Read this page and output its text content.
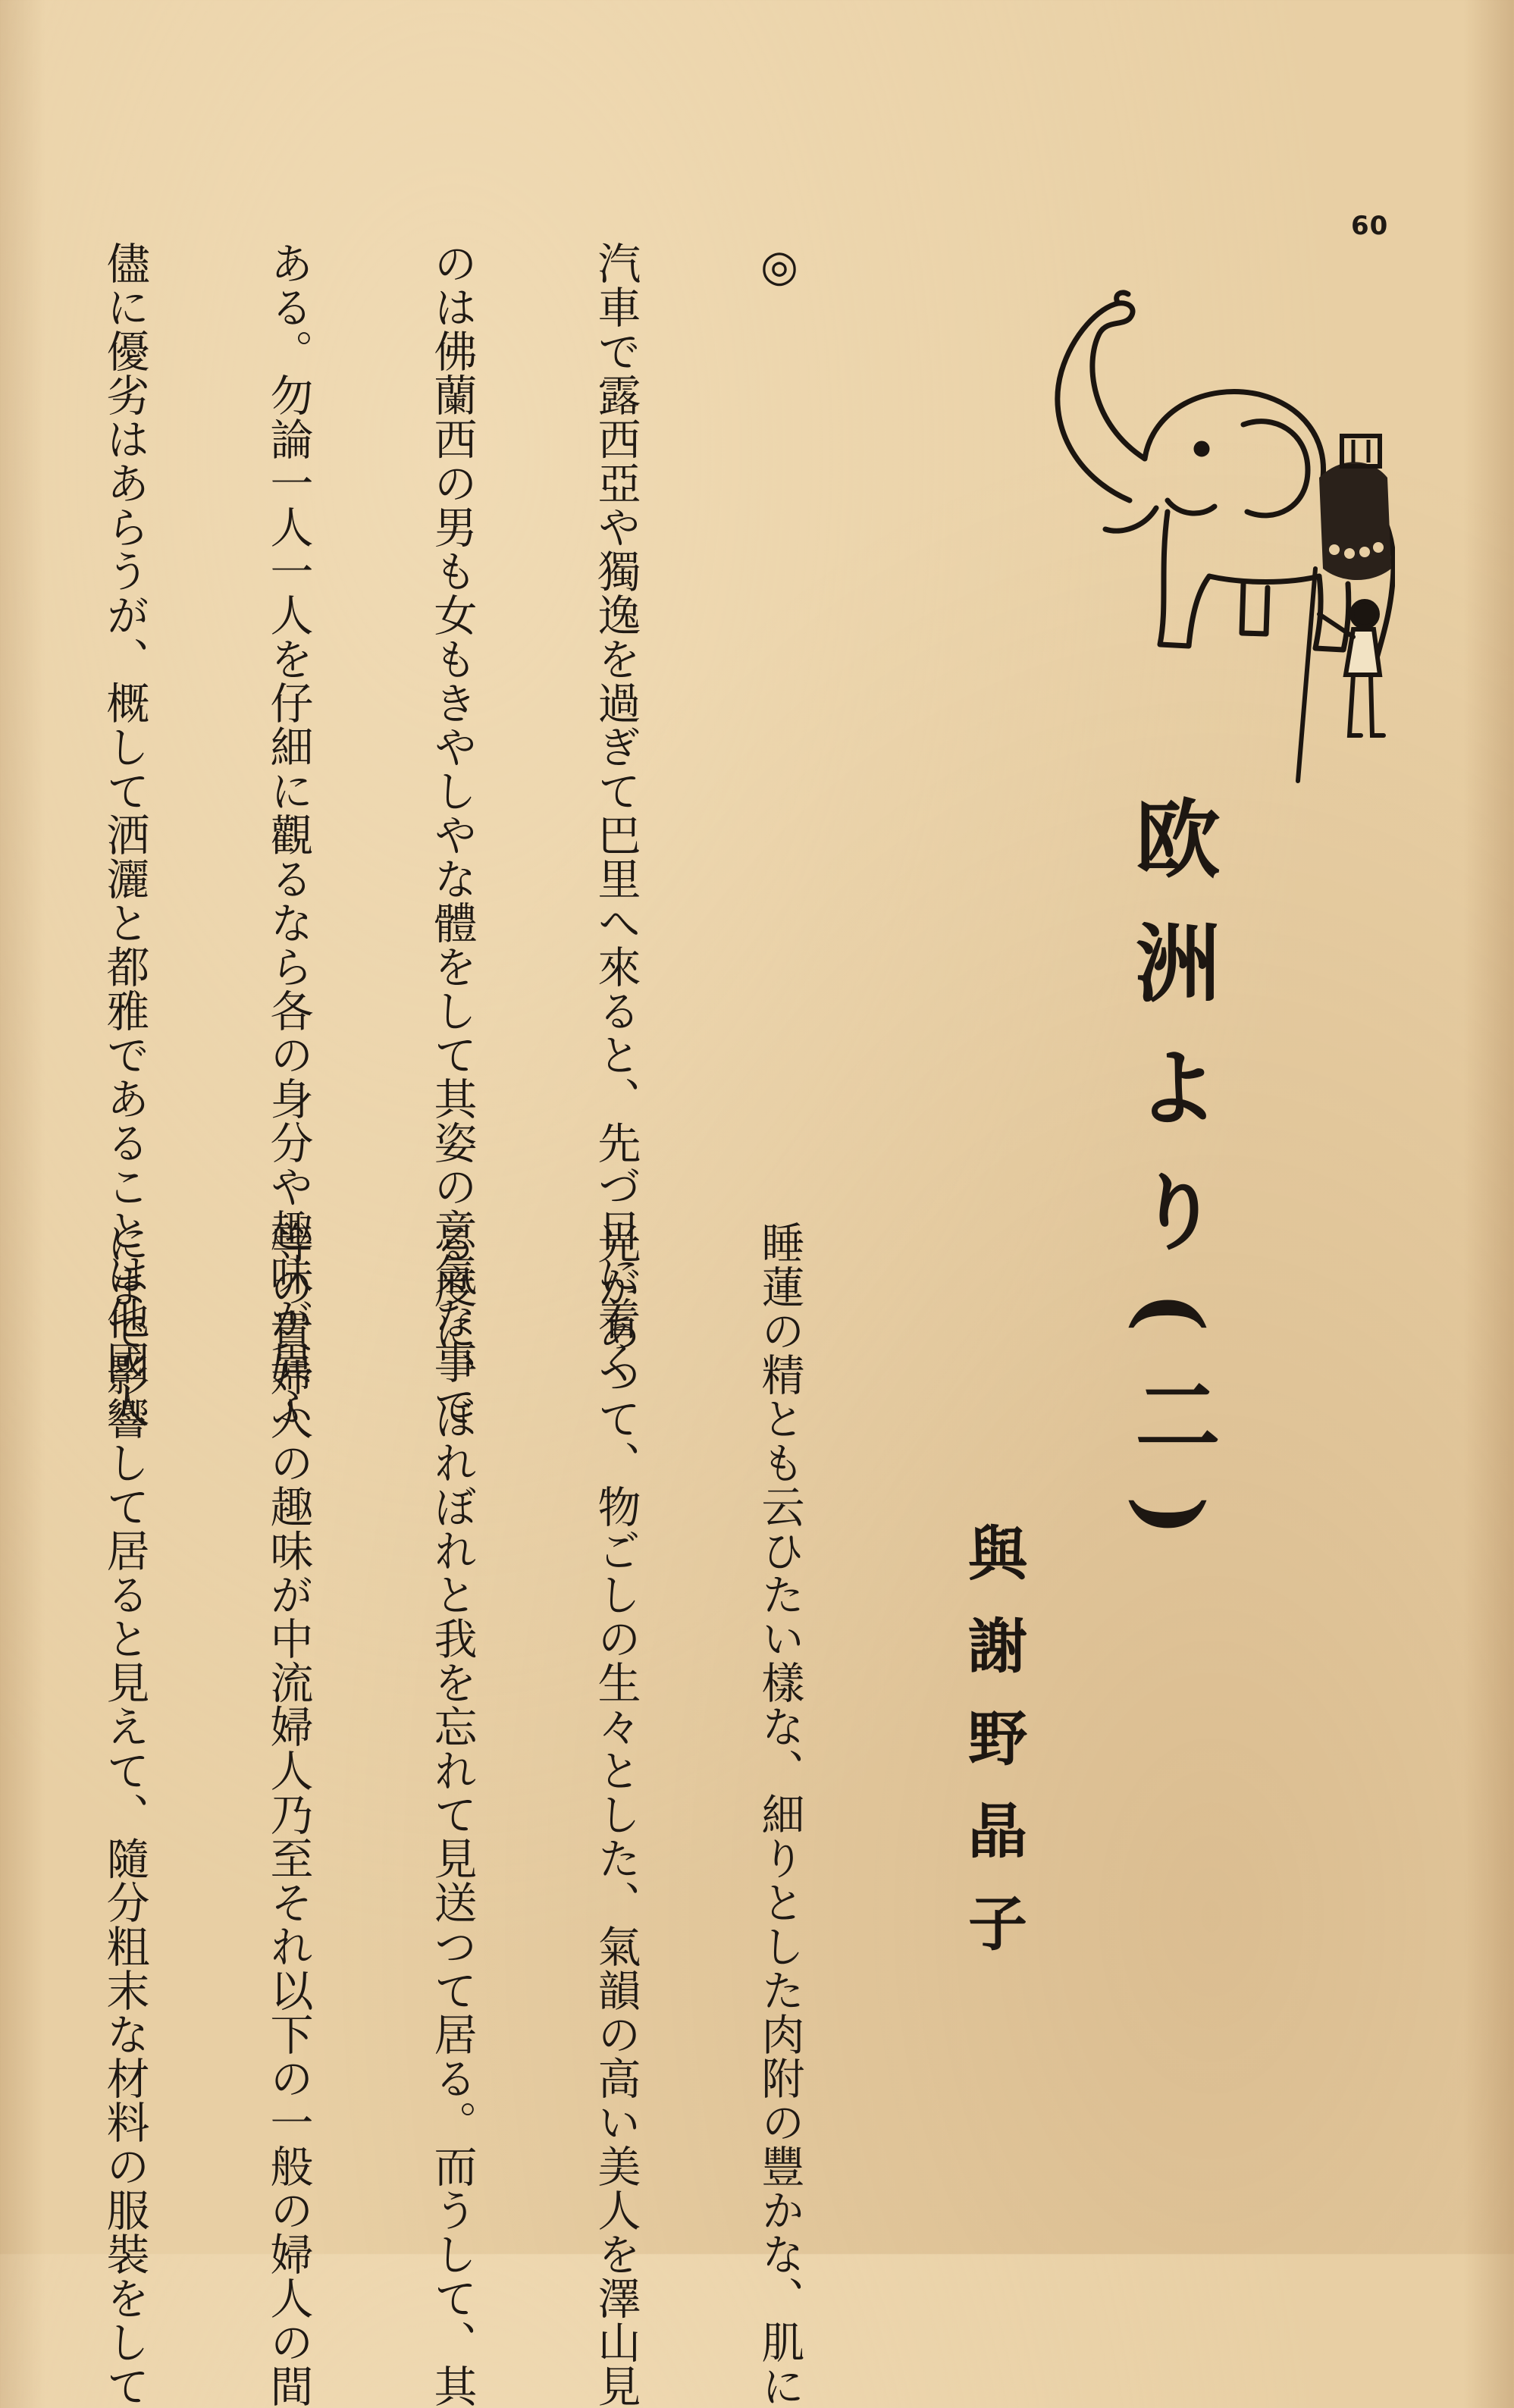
60
欧洲より(二)
與謝野晶子

◎

汽車で露西亞や獨逸を過ぎて巴里へ來ると、先づ目に着く

のは佛蘭西の男も女もきやしやな體をして其姿の意氣な事で

ある。勿論一人一人を仔細に觀るなら各の身分や趣味が異ふ

儘に優劣はあらうが、概して洒灑と都雅であることは他國人

睡蓮の精とも云ひたい樣な、細りとした肉附の豐かな、肌に

光があつて、物ごしの生々とした、氣韻の高い美人を澤山見

る度に、ほれぼれと我を忘れて見送つて居る。而うして、其

等の貴婦人の趣味が中流婦人乃至それ以下の一般の婦人の間

にまで影響して居ると見えて、隨分粗末な材料の服裝をして
